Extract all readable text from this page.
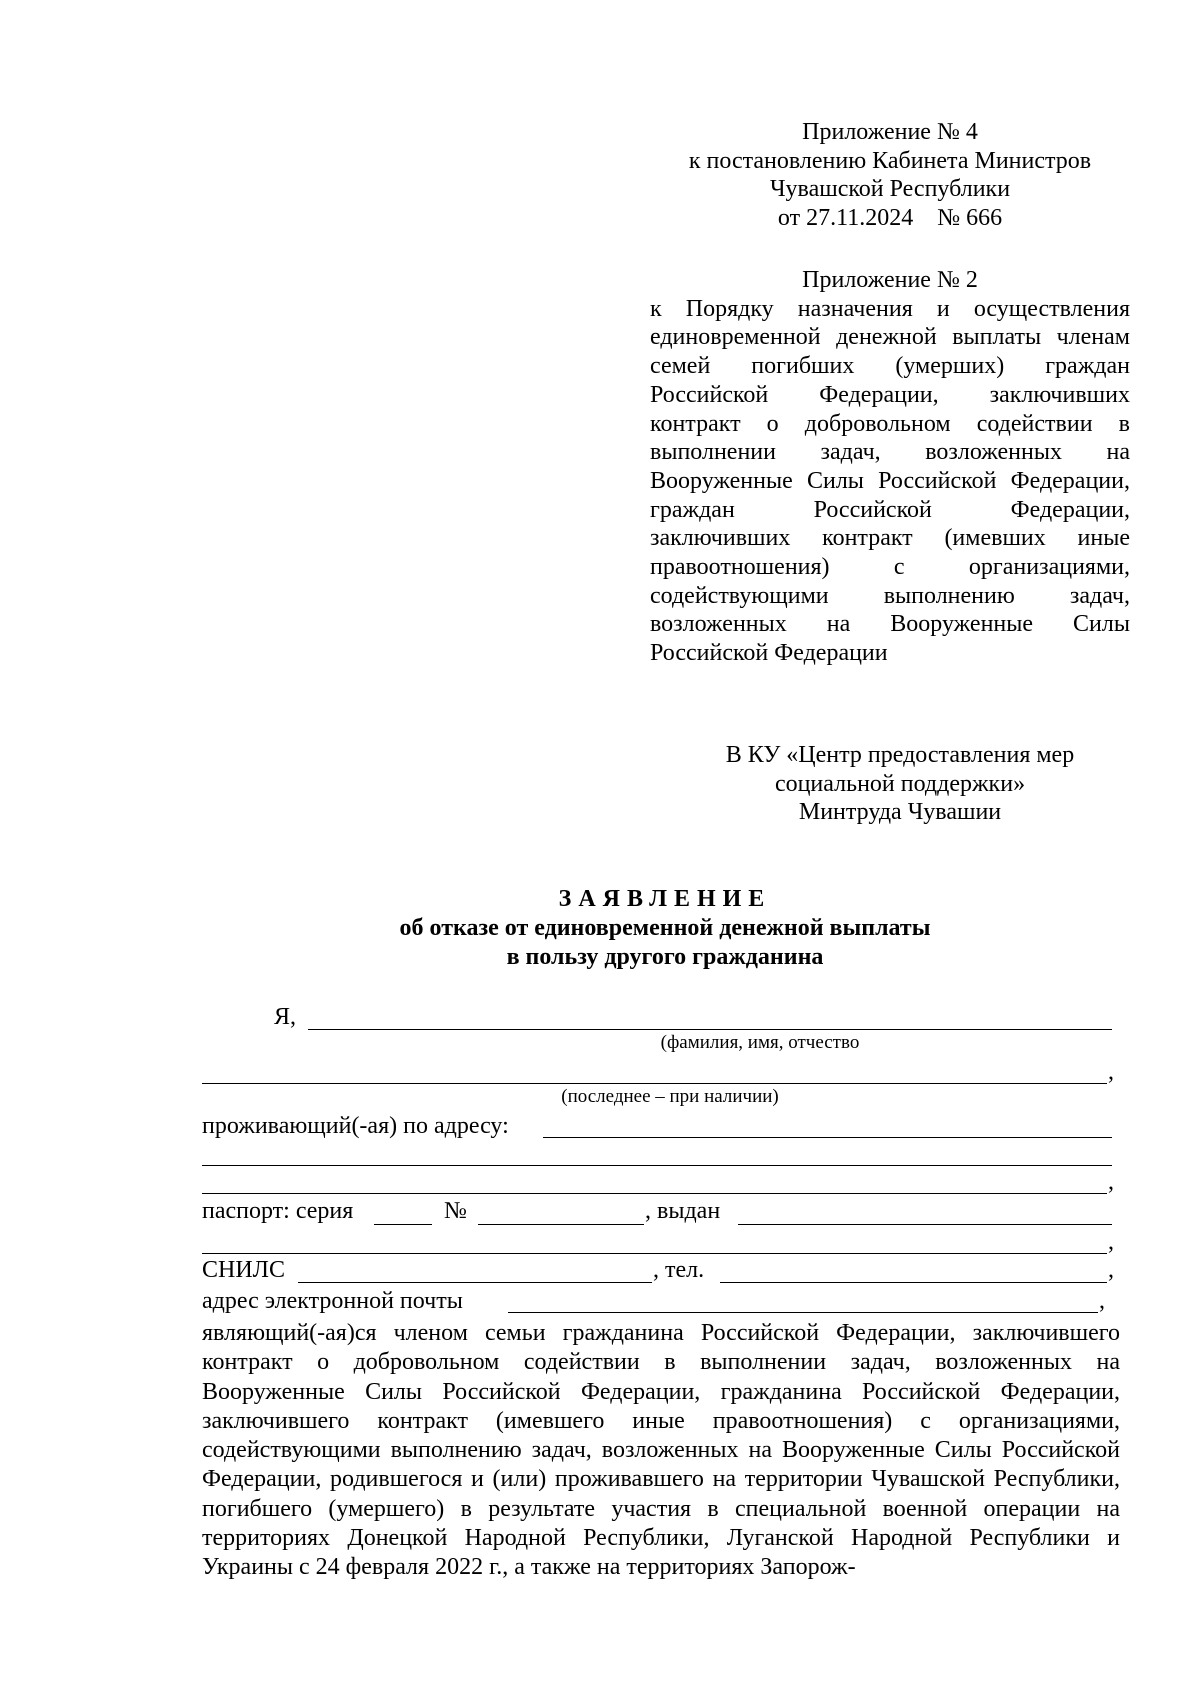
Приложение № 4
к постановлению Кабинета Министров
Чувашской Республики
от 27.11.2024    № 666
Приложение № 2
к Порядку назначения и осуществления единовременной денежной выплаты членам семей погибших (умерших) граждан Российской Федерации, заключивших контракт о добровольном содействии в выполнении задач, возложенных на Вооруженные Силы Российской Федерации, граждан Российской Федерации, заключивших контракт (имевших иные правоотношения) с организациями, содействующими выполнению задач, возложенных на Вооруженные Силы Российской Федерации
В КУ «Центр предоставления мер
социальной поддержки»
Минтруда Чувашии
ЗАЯВЛЕНИЕ
об отказе от единовременной денежной выплаты
в пользу другого гражданина
Я,
(фамилия, имя, отчество
,
(последнее – при наличии)
проживающий(-ая) по адресу:
,
паспорт: серия	№	, выдан
,
СНИЛС	, тел.	,
адрес электронной почты	,
являющий(-ая)ся членом семьи гражданина Российской Федерации, заключившего контракт о добровольном содействии в выполнении задач, возложенных на Вооруженные Силы Российской Федерации, гражданина Российской Федерации, заключившего контракт (имевшего иные правоотношения) с организациями, содействующими выполнению задач, возложенных на Вооруженные Силы Российской Федерации, родившегося и (или) проживавшего на территории Чувашской Республики, погибшего (умершего) в результате участия в специальной военной операции на территориях Донецкой Народной Республики, Луганской Народной Республики и Украины с 24 февраля 2022 г., а также на территориях Запорож-
